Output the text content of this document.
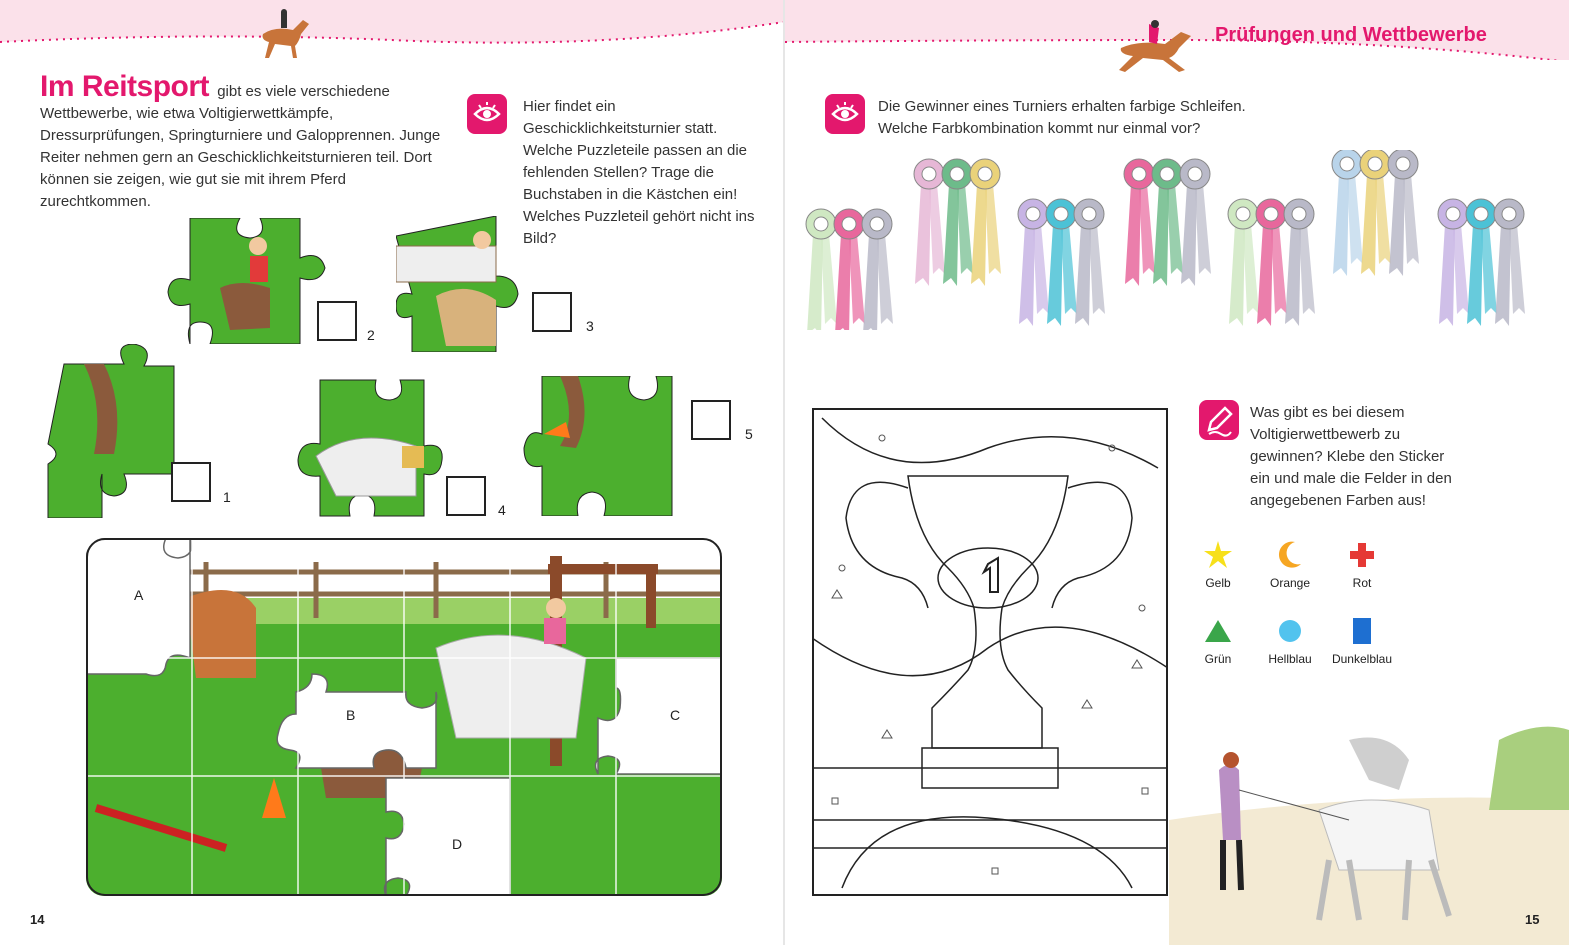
Im Reitsport gibt es viele verschiedene Wettbewerbe, wie etwa Voltigierwettkämpfe, Dressurprüfungen, Springturniere und Galopprennen. Junge Reiter nehmen gern an Geschicklichkeitsturnieren teil. Dort können sie zeigen, wie gut sie mit ihrem Pferd zurechtkommen.
Hier findet ein Geschicklichkeitsturnier statt. Welche Puzzleteile passen an die fehlenden Stellen? Trage die Buchstaben in die Kästchen ein! Welches Puzzleteil gehört nicht ins Bild?
2
3
1
4
5
A
B	C
D
14
Prüfungen und Wettbewerbe
Die Gewinner eines Turniers erhalten farbige Schleifen. Welche Farbkombination kommt nur einmal vor?
Was gibt es bei diesem Voltigierwettbewerb zu gewinnen? Klebe den Sticker ein und male die Felder in den angegebenen Farben aus!
Gelb	Orange	Rot
Grün	Hellblau	Dunkelblau
15
